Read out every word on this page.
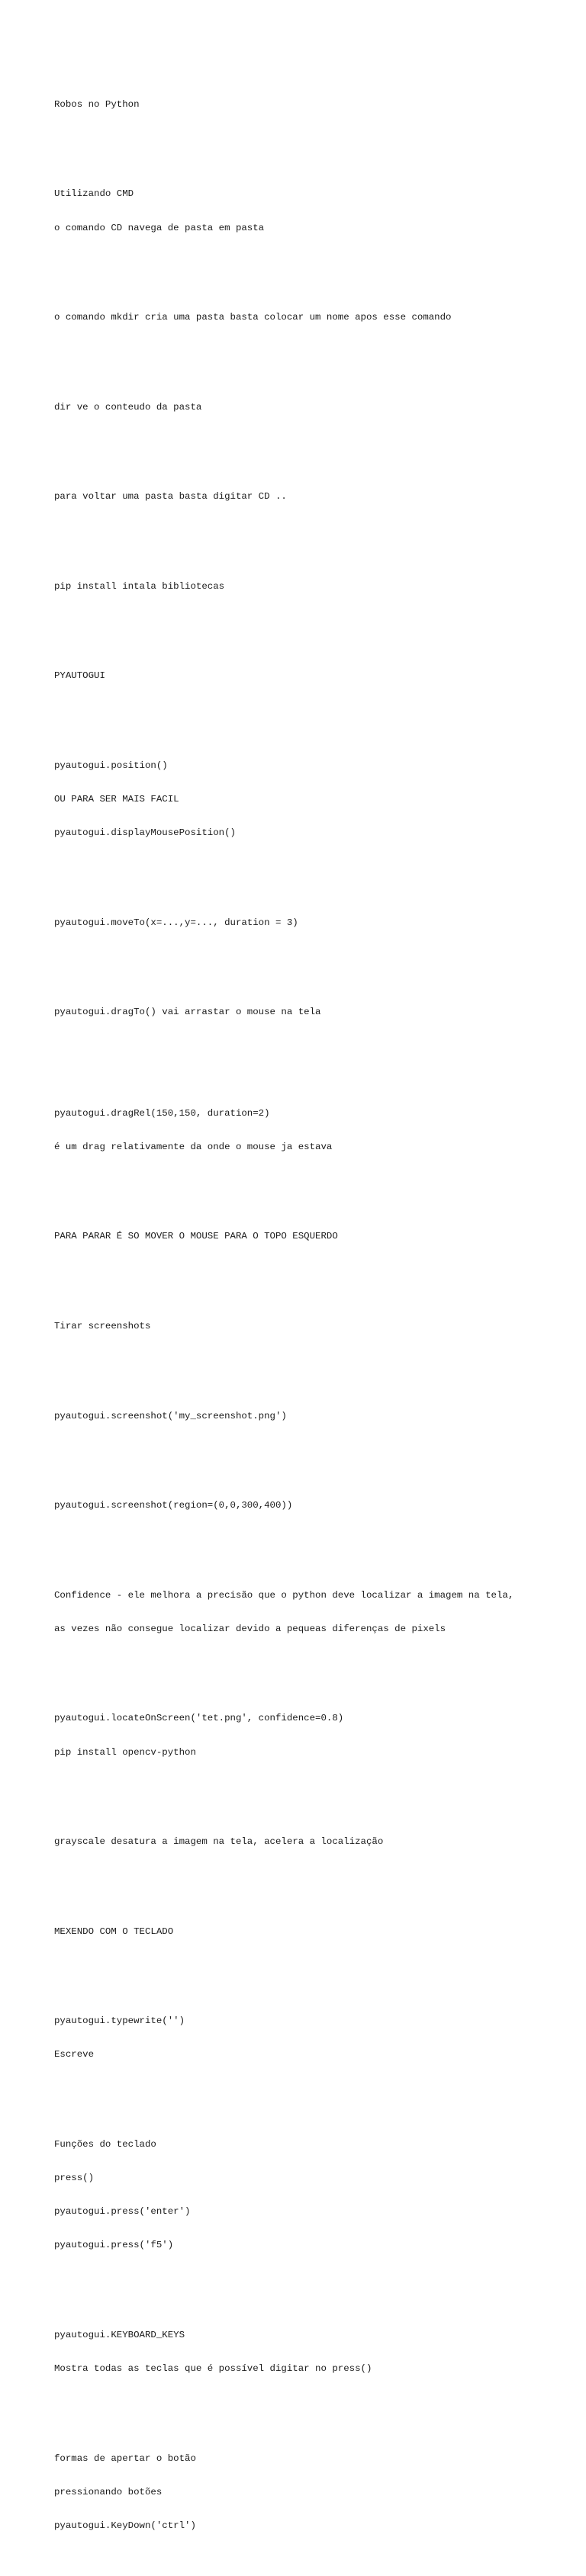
Robos no Python

Utilizando CMD

o comando CD navega de pasta em pasta

o comando mkdir cria uma pasta basta colocar um nome apos esse comando

dir ve o conteudo da pasta

para voltar uma pasta basta digitar CD ..

pip install intala bibliotecas

PYAUTOGUI

pyautogui.position()

OU PARA SER MAIS FACIL

pyautogui.displayMousePosition()

pyautogui.moveTo(x=...,y=..., duration = 3)

pyautogui.dragTo() vai arrastar o mouse na tela

pyautogui.dragRel(150,150, duration=2)

é um drag relativamente da onde o mouse ja estava

PARA PARAR É SO MOVER O MOUSE PARA O TOPO ESQUERDO

Tirar screenshots

pyautogui.screenshot('my_screenshot.png')

pyautogui.screenshot(region=(0,0,300,400))

Confidence - ele melhora a precisão que o python deve localizar a imagem na tela,

as vezes não consegue localizar devido a pequeas diferenças de pixels

pyautogui.locateOnScreen('tet.png', confidence=0.8)

pip install opencv-python

grayscale desatura a imagem na tela, acelera a localização

MEXENDO COM O TECLADO

pyautogui.typewrite('')

Escreve

Funções do teclado

press()

pyautogui.press('enter')

pyautogui.press('f5')

pyautogui.KEYBOARD_KEYS

Mostra todas as teclas que é possível digitar no press()

formas de apertar o botão

pressionando botões

pyautogui.KeyDown('ctrl')
